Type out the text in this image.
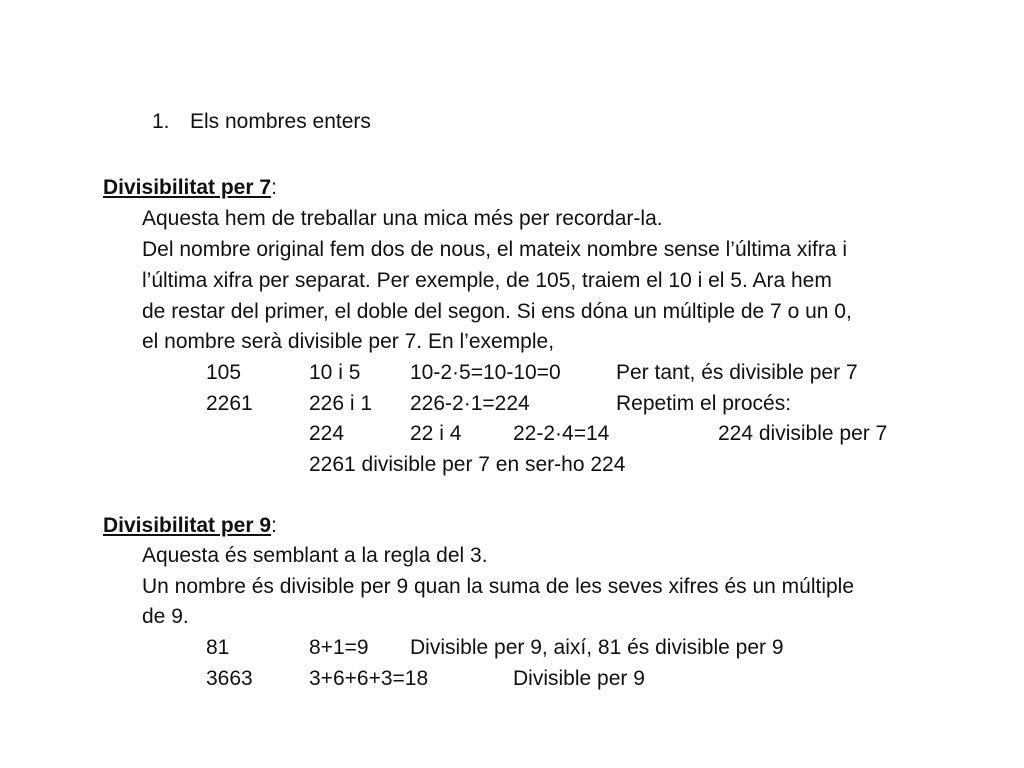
1. Els nombres enters
Divisibilitat per 7:
Aquesta hem de treballar una mica més per recordar-la.
Del nombre original fem dos de nous, el mateix nombre sense l’última xifra i
l’última xifra per separat. Per exemple, de 105, traiem el 10 i el 5. Ara hem
de restar del primer, el doble del segon. Si ens dóna un múltiple de 7 o un 0,
el nombre serà divisible per 7. En l’exemple,
105	10 i 5 10-2·5=10-10=0	Per tant, és divisible per 7
2261	226 i 1 226-2·1=224	Repetim el procés:
224	22 i 4 22-2·4=14	224 divisible per 7
2261 divisible per 7 en ser-ho 224
Divisibilitat per 9:
Aquesta és semblant a la regla del 3.
Un nombre és divisible per 9 quan la suma de les seves xifres és un múltiple
de 9.
81	8+1=9 Divisible per 9, així, 81 és divisible per 9
3663	3+6+6+3=18	Divisible per 9
